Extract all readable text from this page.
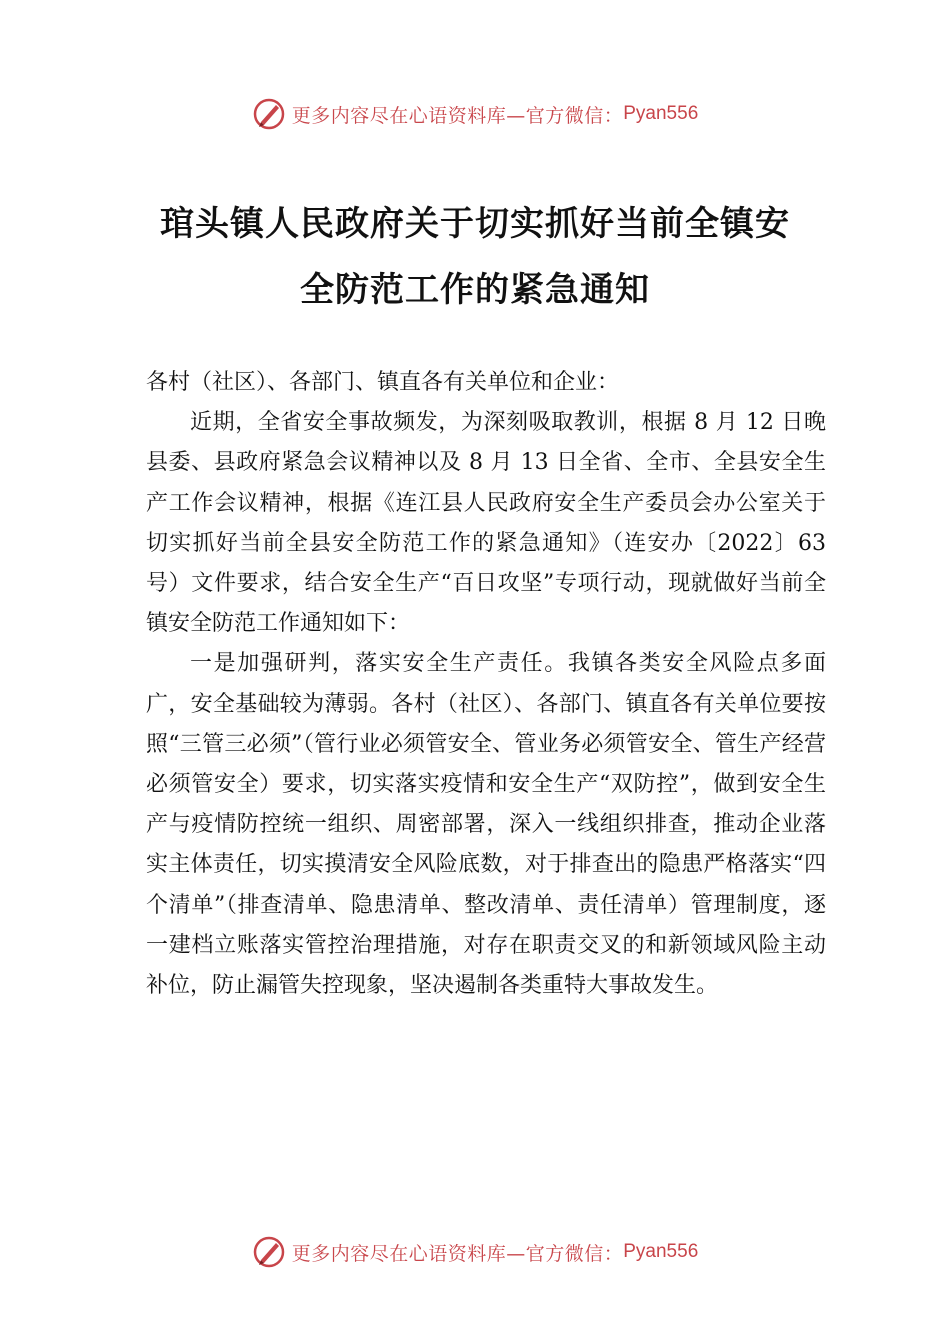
更多内容尽在心语资料库—官方微信： Pyan556
琯头镇人民政府关于切实抓好当前全镇安
全防范工作的紧急通知

各村（社区）、各部门、镇直各有关单位和企业：

近期，全省安全事故频发，为深刻吸取教训，根据 8 月 12 日晚县委、县政府紧急会议精神以及 8 月 13 日全省、全市、全县安全生产工作会议精神，根据《连江县人民政府安全生产委员会办公室关于切实抓好当前全县安全防范工作的紧急通知》（连安办〔2022〕63 号）文件要求，结合安全生产“百日攻坚”专项行动，现就做好当前全镇安全防范工作通知如下：

一是加强研判，落实安全生产责任。我镇各类安全风险点多面广，安全基础较为薄弱。各村（社区）、各部门、镇直各有关单位要按照“三管三必须”（管行业必须管安全、管业务必须管安全、管生产经营必须管安全）要求，切实落实疫情和安全生产“双防控”，做到安全生产与疫情防控统一组织、周密部署，深入一线组织排查，推动企业落实主体责任，切实摸清安全风险底数，对于排查出的隐患严格落实“四个清单”（排查清单、隐患清单、整改清单、责任清单）管理制度，逐一建档立账落实管控治理措施，对存在职责交叉的和新领域风险主动补位，防止漏管失控现象，坚决遏制各类重特大事故发生。

更多内容尽在心语资料库—官方微信： Pyan556
